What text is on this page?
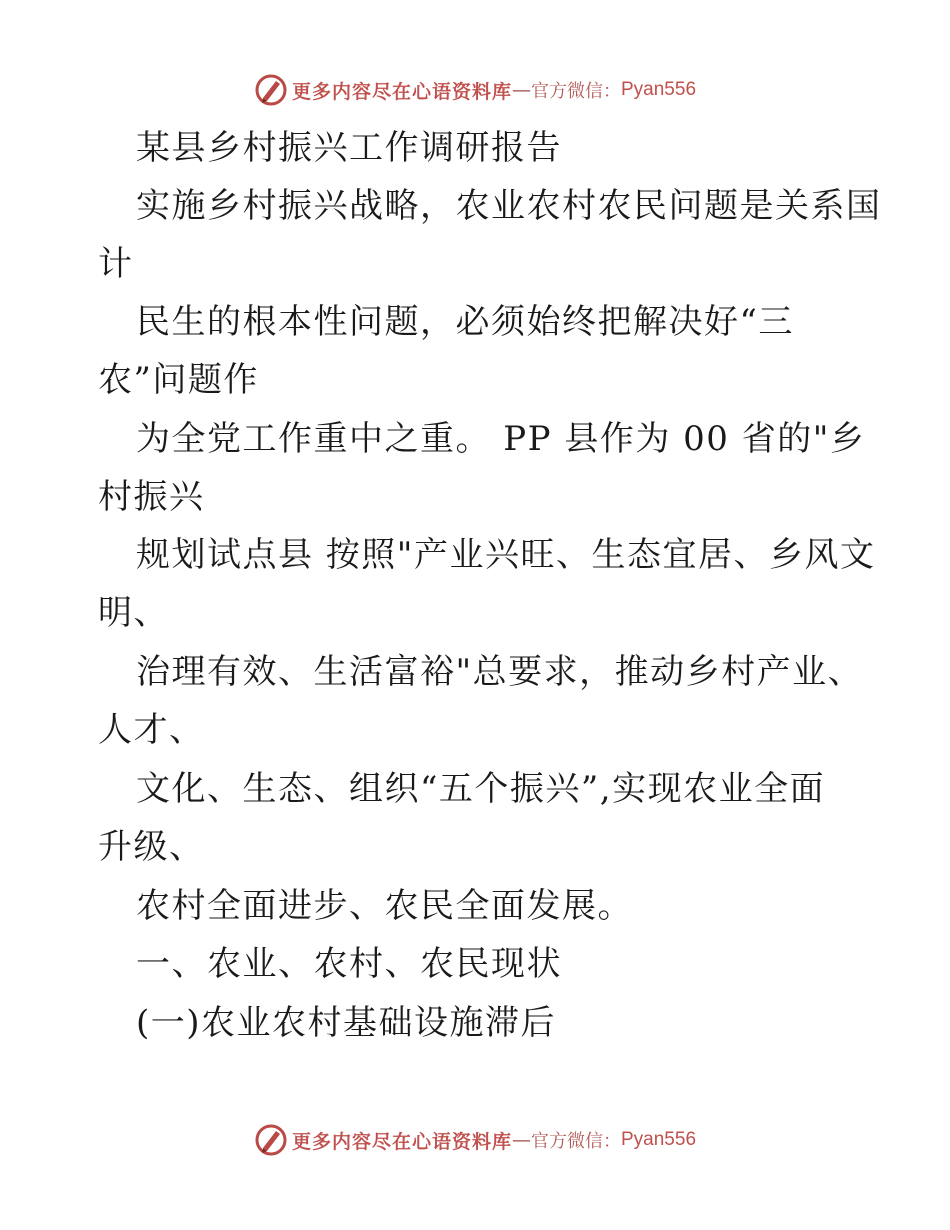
更多内容尽在心语资料库 — 官方微信： Pyan556
某县乡村振兴工作调研报告
实施乡村振兴战略，农业农村农民问题是关系国
计
民生的根本性问题，必须始终把解决好“三
农”问题作
为全党工作重中之重。 PP 县作为 00 省的"乡
村振兴
规划试点县 按照"产业兴旺、生态宜居、乡风文
明、
治理有效、生活富裕"总要求，推动乡村产业、
人才、
文化、生态、组织“五个振兴”,实现农业全面
升级、
农村全面进步、农民全面发展。
一、农业、农村、农民现状
(一)农业农村基础设施滞后
更多内容尽在心语资料库 — 官方微信： Pyan556
